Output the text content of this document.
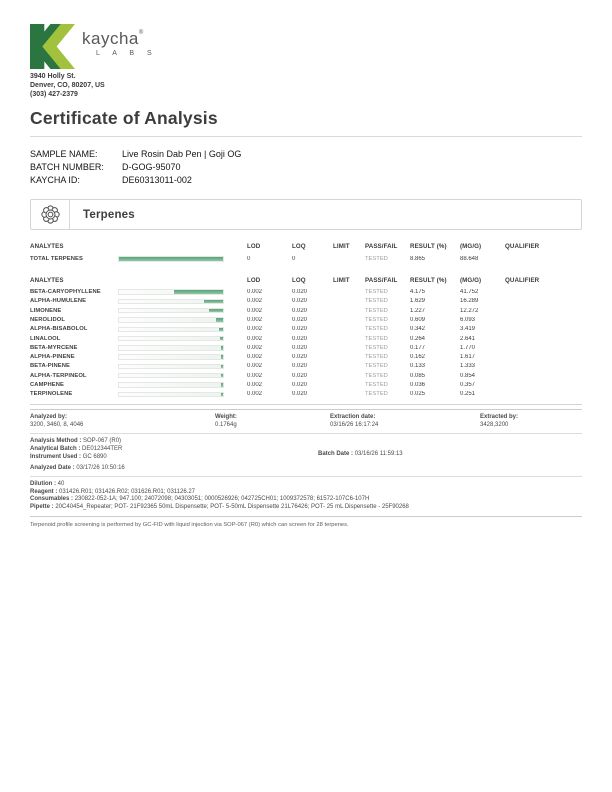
kaycha®
L A B S
3940 Holly St.
Denver, CO, 80207, US
(303) 427-2379
Certificate of Analysis
SAMPLE NAME:	Live Rosin Dab Pen | Goji OG
BATCH NUMBER:	D-GOG-95070
KAYCHA ID:	DE60313011-002
Terpenes
ANALYTES	LOD	LOQ	LIMIT	PASS/FAIL	RESULT (%)	(MG/G)	QUALIFIER
TOTAL TERPENES	0	0	TESTED	8.865	88.648
ANALYTES	LOD	LOQ	LIMIT	PASS/FAIL	RESULT (%)	(MG/G)	QUALIFIER
BETA-CARYOPHYLLENE	0.002	0.020	TESTED	4.175	41.752
ALPHA-HUMULENE	0.002	0.020	TESTED	1.629	16.289
LIMONENE	0.002	0.020	TESTED	1.227	12.272
NEROLIDOL	0.002	0.020	TESTED	0.609	6.093
ALPHA-BISABOLOL	0.002	0.020	TESTED	0.342	3.419
LINALOOL	0.002	0.020	TESTED	0.264	2.641
BETA-MYRCENE	0.002	0.020	TESTED	0.177	1.770
ALPHA-PINENE	0.002	0.020	TESTED	0.162	1.617
BETA-PINENE	0.002	0.020	TESTED	0.133	1.333
ALPHA-TERPINEOL	0.002	0.020	TESTED	0.085	0.854
CAMPHENE	0.002	0.020	TESTED	0.036	0.357
TERPINOLENE	0.002	0.020	TESTED	0.025	0.251
Analyzed by:
3200, 3460, 8, 4046
Weight:
0.1764g
Extraction date:
03/16/26 16:17:24
Extracted by:
3428,3200
Analysis Method : SOP-067 (R0)
Analytical Batch : DE012344TER
Instrument Used : GC 6890
Analyzed Date : 03/17/26 10:50:16
Batch Date : 03/16/26 11:59:13
Dilution : 40
Reagent : 031426.R01; 031426.R02; 031626.R01; 031126.27
Consumables : 230822-052-1A; 947.100; 24072098; 04303051; 0000526926; 042725CH01; 1009372578; 61572-107C6-107H
Pipette : 20C40454_Repeater; POT- 21F92365 50mL Dispensette; POT- 5-50mL Dispensette 21L76426; POT- 25 mL Dispensette - 25F90268
Terpenoid profile screening is performed by GC-FID with liquid injection via SOP-067 (R0) which can screen for 28 terpenes.
